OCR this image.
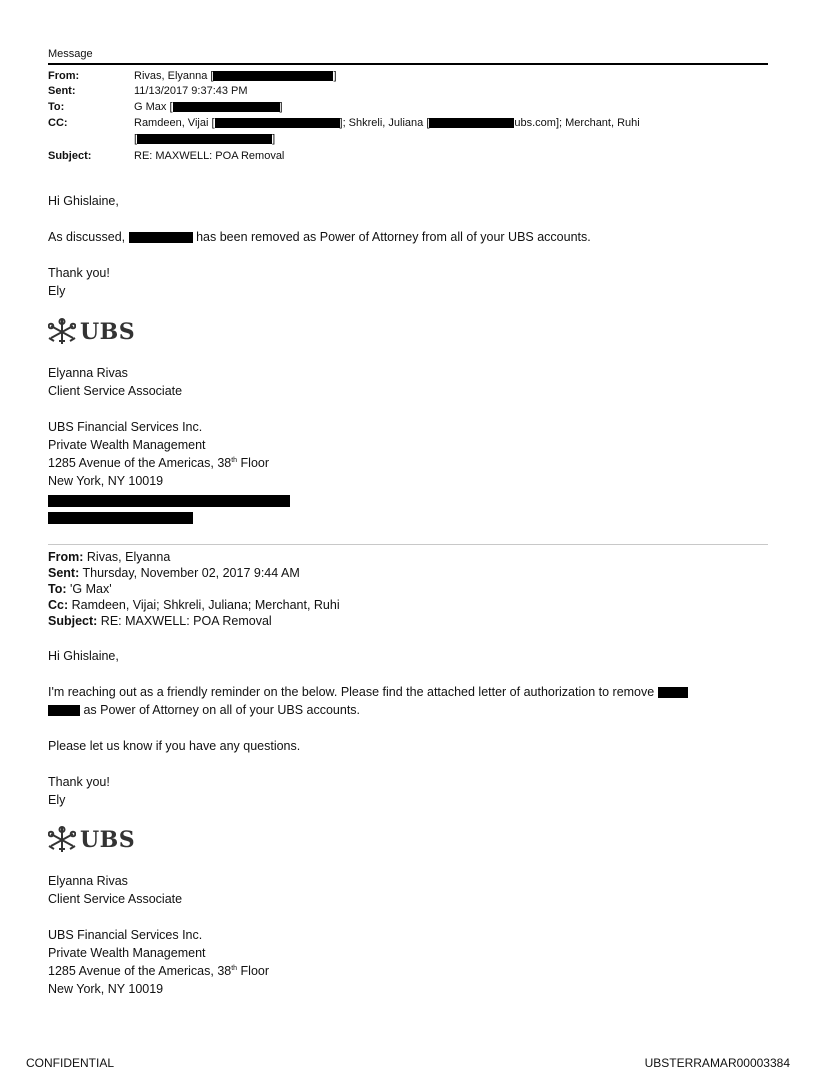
Message
From:	Rivas, Elyanna [	]
Sent:	11/13/2017 9:37:43 PM
To:	G Max [	]
CC:	Ramdeen, Vijai [	]; Shkreli, Juliana [	ubs.com]; Merchant, Ruhi
[	]
Subject:	RE: MAXWELL: POA Removal
Hi Ghislaine,
As discussed,	has been removed as Power of Attorney from all of your UBS accounts.
Thank you!
Ely
UBS
Elyanna Rivas
Client Service Associate
UBS Financial Services Inc.
Private Wealth Management
1285 Avenue of the Americas, 38th Floor
New York, NY 10019
From: Rivas, Elyanna
Sent: Thursday, November 02, 2017 9:44 AM
To: 'G Max'
Cc: Ramdeen, Vijai; Shkreli, Juliana; Merchant, Ruhi
Subject: RE: MAXWELL: POA Removal
Hi Ghislaine,
I'm reaching out as a friendly reminder on the below. Please find the attached letter of authorization to remove
as Power of Attorney on all of your UBS accounts.
Please let us know if you have any questions.
Thank you!
Ely
UBS
Elyanna Rivas
Client Service Associate
UBS Financial Services Inc.
Private Wealth Management
1285 Avenue of the Americas, 38th Floor
New York, NY 10019
CONFIDENTIAL	UBSTERRAMAR00003384
